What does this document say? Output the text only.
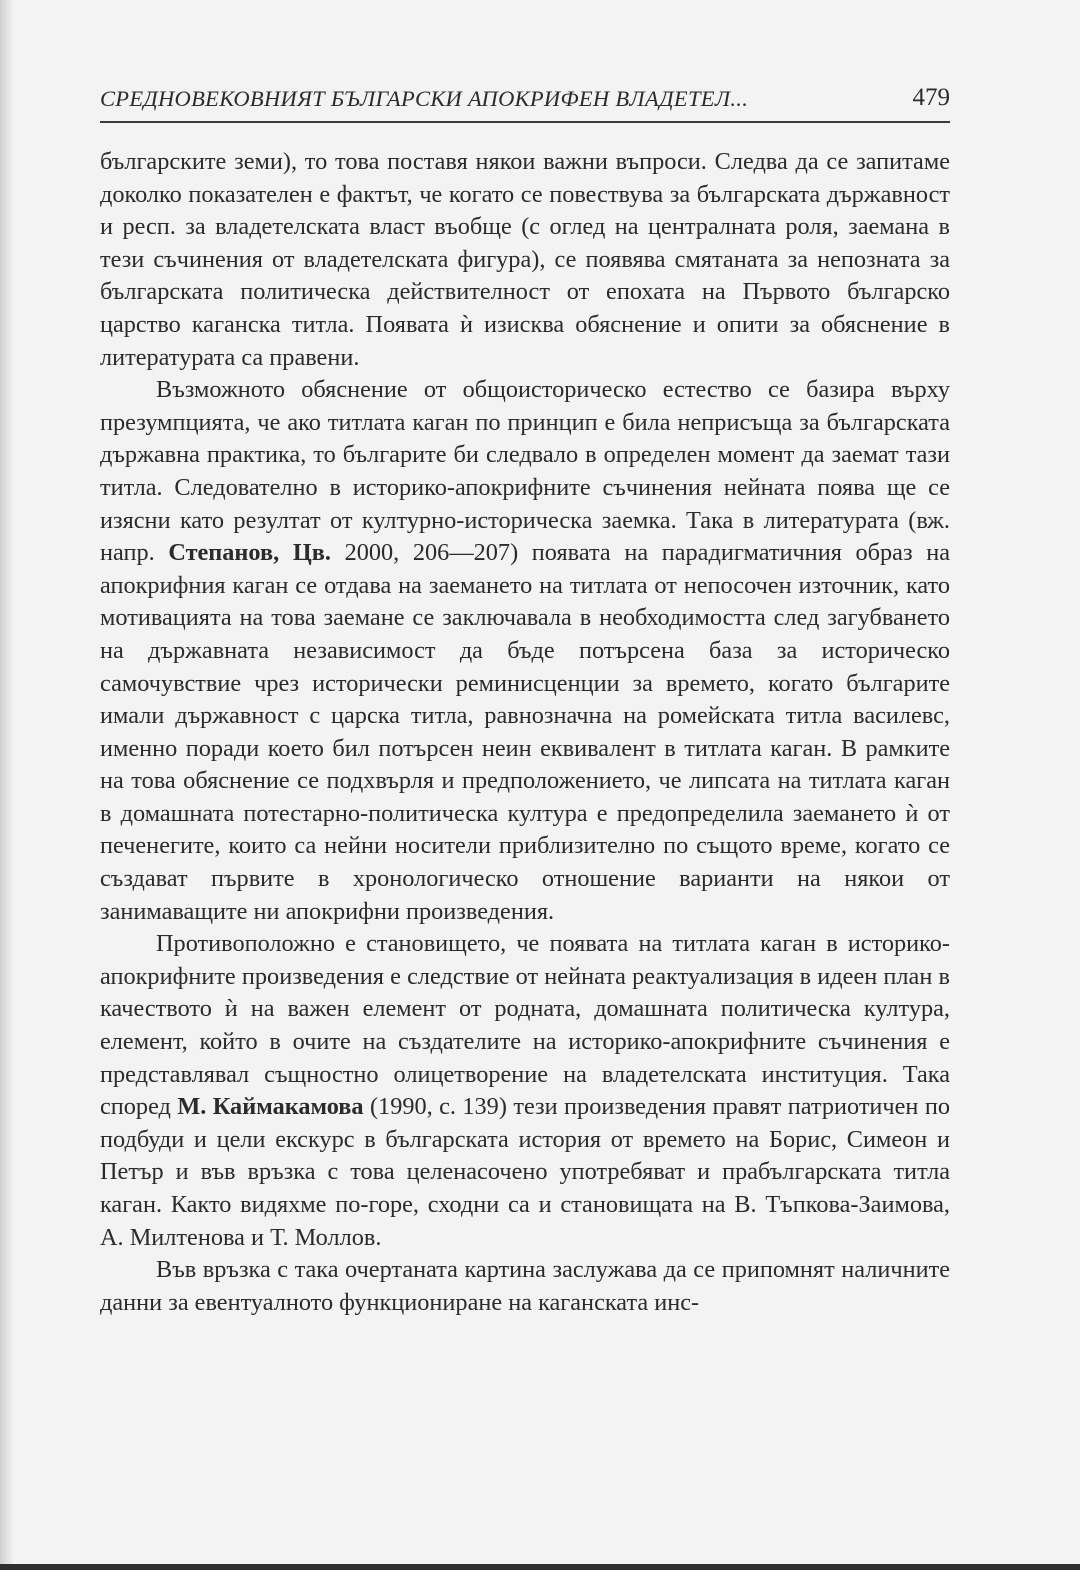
СРЕДНОВЕКОВНИЯТ БЪЛГАРСКИ АПОКРИФЕН ВЛАДЕТЕЛ...	479

българските земи), то това поставя някои важни въпроси. Следва да се запитаме доколко показателен е фактът, че когато се повествува за българската държавност и респ. за владетелската власт въобще (с оглед на централната роля, заемана в тези съчинения от владетелската фигура), се появява смятаната за непозната за българската политическа действителност от епохата на Първото българско царство каганска титла. Появата ѝ изисква обяснение и опити за обяснение в литературата са правени.

Възможното обяснение от общоисторическо естество се базира върху презумпцията, че ако титлата каган по принцип е била неприсъща за българската държавна практика, то българите би следвало в определен момент да заемат тази титла. Следователно в историко-апокрифните съчинения нейната поява ще се изясни като резултат от културно-историческа заемка. Така в литературата (вж. напр. Степанов, Цв. 2000, 206—207) появата на парадигматичния образ на апокрифния каган се отдава на заемането на титлата от непосочен източник, като мотивацията на това заемане се заключавала в необходимостта след загубването на държавната независимост да бъде потърсена база за историческо самочувствие чрез исторически реминисценции за времето, когато българите имали държавност с царска титла, равнозначна на ромейската титла василевс, именно поради което бил потърсен неин еквивалент в титлата каган. В рамките на това обяснение се подхвърля и предположението, че липсата на титлата каган в домашната потестарно-политическа култура е предопределила заемането ѝ от печенегите, които са нейни носители приблизително по същото време, когато се създават първите в хронологическо отношение варианти на някои от занимаващите ни апокрифни произведения.

Противоположно е становището, че появата на титлата каган в историко-апокрифните произведения е следствие от нейната реактуализация в идеен план в качеството ѝ на важен елемент от родната, домашната политическа култура, елемент, който в очите на създателите на историко-апокрифните съчинения е представлявал същностно олицетворение на владетелската институция. Така според М. Каймакамова (1990, с. 139) тези произведения правят патриотичен по подбуди и цели екскурс в българската история от времето на Борис, Симеон и Петър и във връзка с това целенасочено употребяват и прабългарската титла каган. Както видяхме по-горе, сходни са и становищата на В. Тъпкова-Заимова, А. Милтенова и Т. Моллов.

Във връзка с така очертаната картина заслужава да се припомнят наличните данни за евентуалното функциониране на каганската инс-
